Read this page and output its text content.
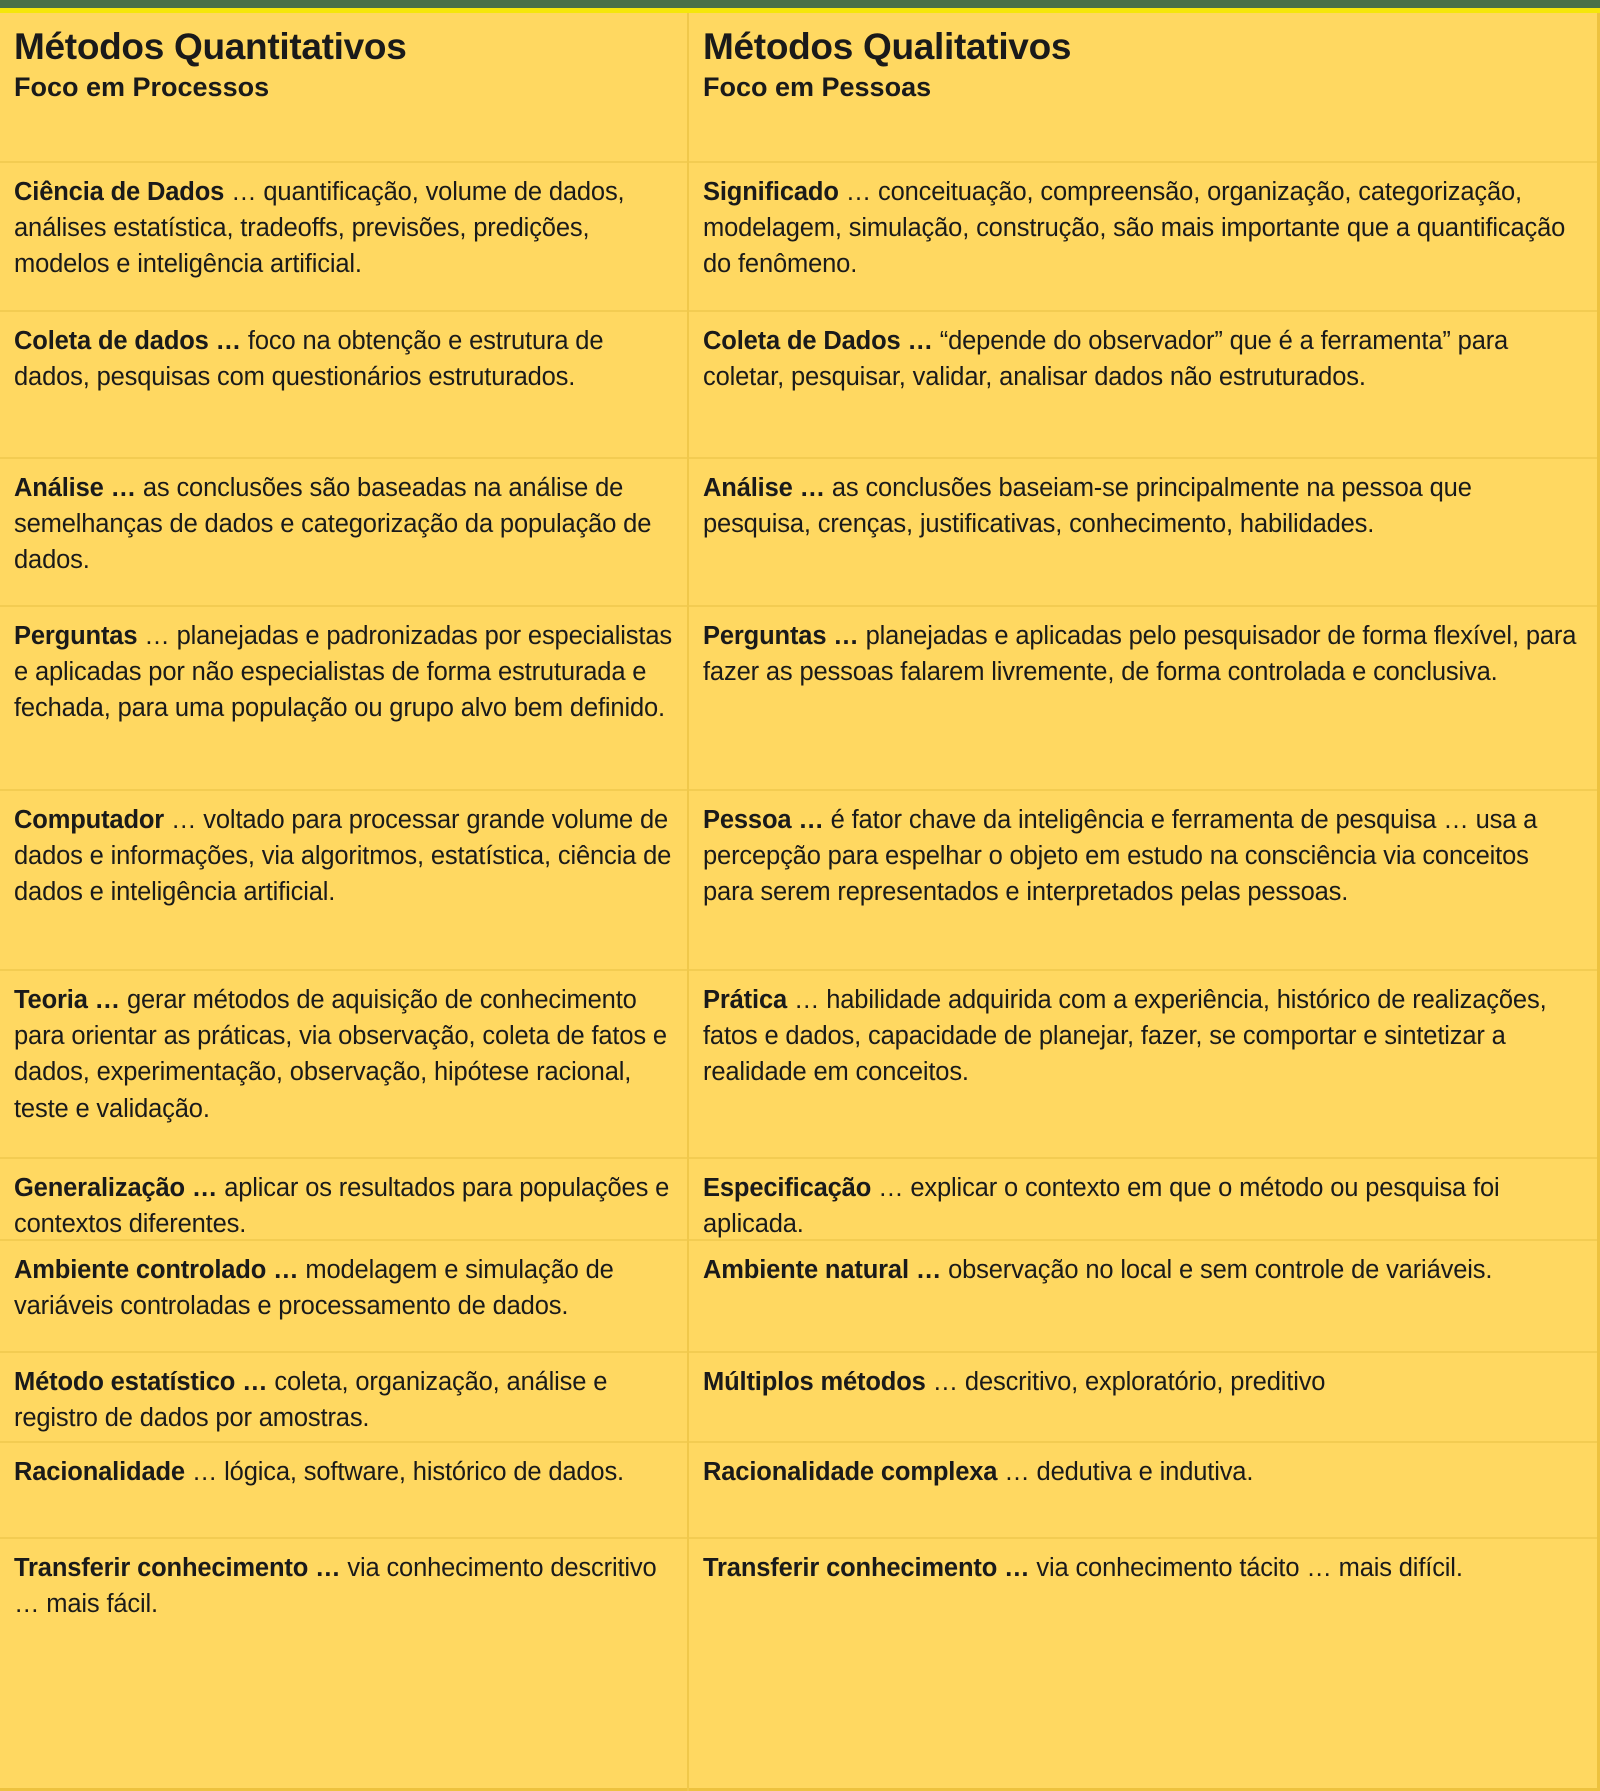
Métodos Quantitativos
Foco em Processos

Ciência de Dados … quantificação, volume de dados, análises estatística, tradeoffs, previsões, predições, modelos e inteligência artificial.

Coleta de dados … foco na obtenção e estrutura de dados, pesquisas com questionários estruturados.

Análise … as conclusões são baseadas na análise de semelhanças de dados e categorização da população de dados.

Perguntas … planejadas e padronizadas por especialistas e aplicadas por não especialistas de forma estruturada e fechada, para uma população ou grupo alvo bem definido.

Computador … voltado para processar grande volume de dados e informações, via algoritmos, estatística, ciência de dados e inteligência artificial.

Teoria … gerar métodos de aquisição de conhecimento para orientar as práticas, via observação, coleta de fatos e dados, experimentação, observação, hipótese racional, teste e validação.

Generalização … aplicar os resultados para populações e contextos diferentes.

Ambiente controlado … modelagem e simulação de variáveis controladas e processamento de dados.

Método estatístico … coleta, organização, análise e registro de dados por amostras.

Racionalidade … lógica, software, histórico de dados.

Transferir conhecimento … via conhecimento descritivo … mais fácil.

Métodos Qualitativos
Foco em Pessoas

Significado … conceituação, compreensão, organização, categorização, modelagem, simulação, construção, são mais importante que a quantificação do fenômeno.

Coleta de Dados … “depende do observador” que é a ferramenta” para coletar, pesquisar, validar, analisar dados não estruturados.

Análise … as conclusões baseiam-se principalmente na pessoa que pesquisa, crenças, justificativas, conhecimento, habilidades.

Perguntas … planejadas e aplicadas pelo pesquisador de forma flexível, para fazer as pessoas falarem livremente, de forma controlada e conclusiva.

Pessoa … é fator chave da inteligência e ferramenta de pesquisa … usa a percepção para espelhar o objeto em estudo na consciência via conceitos para serem representados e interpretados pelas pessoas.

Prática … habilidade adquirida com a experiência, histórico de realizações, fatos e dados, capacidade de planejar, fazer, se comportar e sintetizar a realidade em conceitos.

Especificação … explicar o contexto em que o método ou pesquisa foi aplicada.

Ambiente natural … observação no local e sem controle de variáveis.

Múltiplos métodos … descritivo, exploratório, preditivo

Racionalidade complexa … dedutiva e indutiva.

Transferir conhecimento … via conhecimento tácito … mais difícil.
